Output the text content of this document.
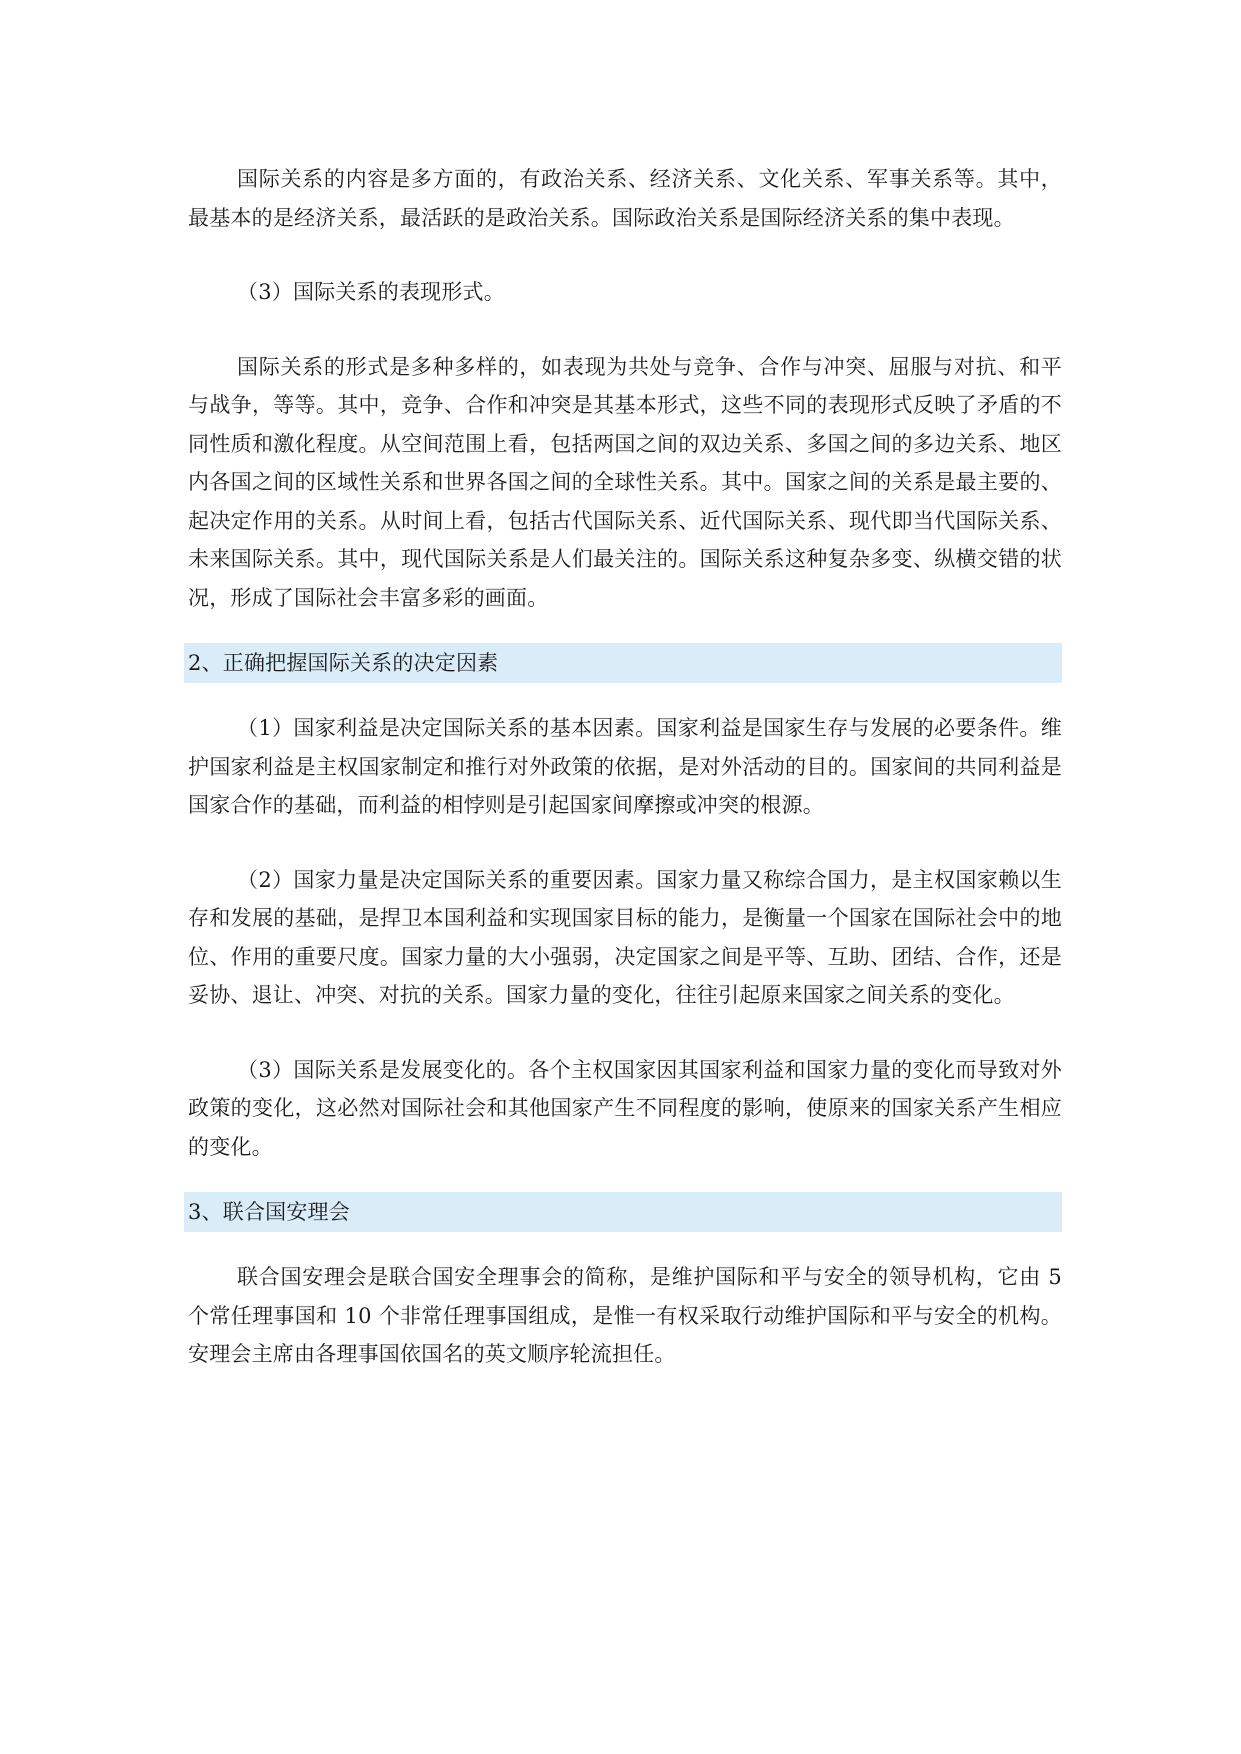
国际关系的内容是多方面的，有政治关系、经济关系、文化关系、军事关系等。其中，最基本的是经济关系，最活跃的是政治关系。国际政治关系是国际经济关系的集中表现。

（3）国际关系的表现形式。

国际关系的形式是多种多样的，如表现为共处与竞争、合作与冲突、屈服与对抗、和平与战争，等等。其中，竞争、合作和冲突是其基本形式，这些不同的表现形式反映了矛盾的不同性质和激化程度。从空间范围上看，包括两国之间的双边关系、多国之间的多边关系、地区内各国之间的区域性关系和世界各国之间的全球性关系。其中。国家之间的关系是最主要的、起决定作用的关系。从时间上看，包括古代国际关系、近代国际关系、现代即当代国际关系、未来国际关系。其中，现代国际关系是人们最关注的。国际关系这种复杂多变、纵横交错的状况，形成了国际社会丰富多彩的画面。

2、正确把握国际关系的决定因素

（1）国家利益是决定国际关系的基本因素。国家利益是国家生存与发展的必要条件。维护国家利益是主权国家制定和推行对外政策的依据，是对外活动的目的。国家间的共同利益是国家合作的基础，而利益的相悖则是引起国家间摩擦或冲突的根源。

（2）国家力量是决定国际关系的重要因素。国家力量又称综合国力，是主权国家赖以生存和发展的基础，是捍卫本国利益和实现国家目标的能力，是衡量一个国家在国际社会中的地位、作用的重要尺度。国家力量的大小强弱，决定国家之间是平等、互助、团结、合作，还是妥协、退让、冲突、对抗的关系。国家力量的变化，往往引起原来国家之间关系的变化。

（3）国际关系是发展变化的。各个主权国家因其国家利益和国家力量的变化而导致对外政策的变化，这必然对国际社会和其他国家产生不同程度的影响，使原来的国家关系产生相应的变化。

3、联合国安理会

联合国安理会是联合国安全理事会的简称，是维护国际和平与安全的领导机构，它由 5 个常任理事国和 10 个非常任理事国组成，是惟一有权采取行动维护国际和平与安全的机构。安理会主席由各理事国依国名的英文顺序轮流担任。
